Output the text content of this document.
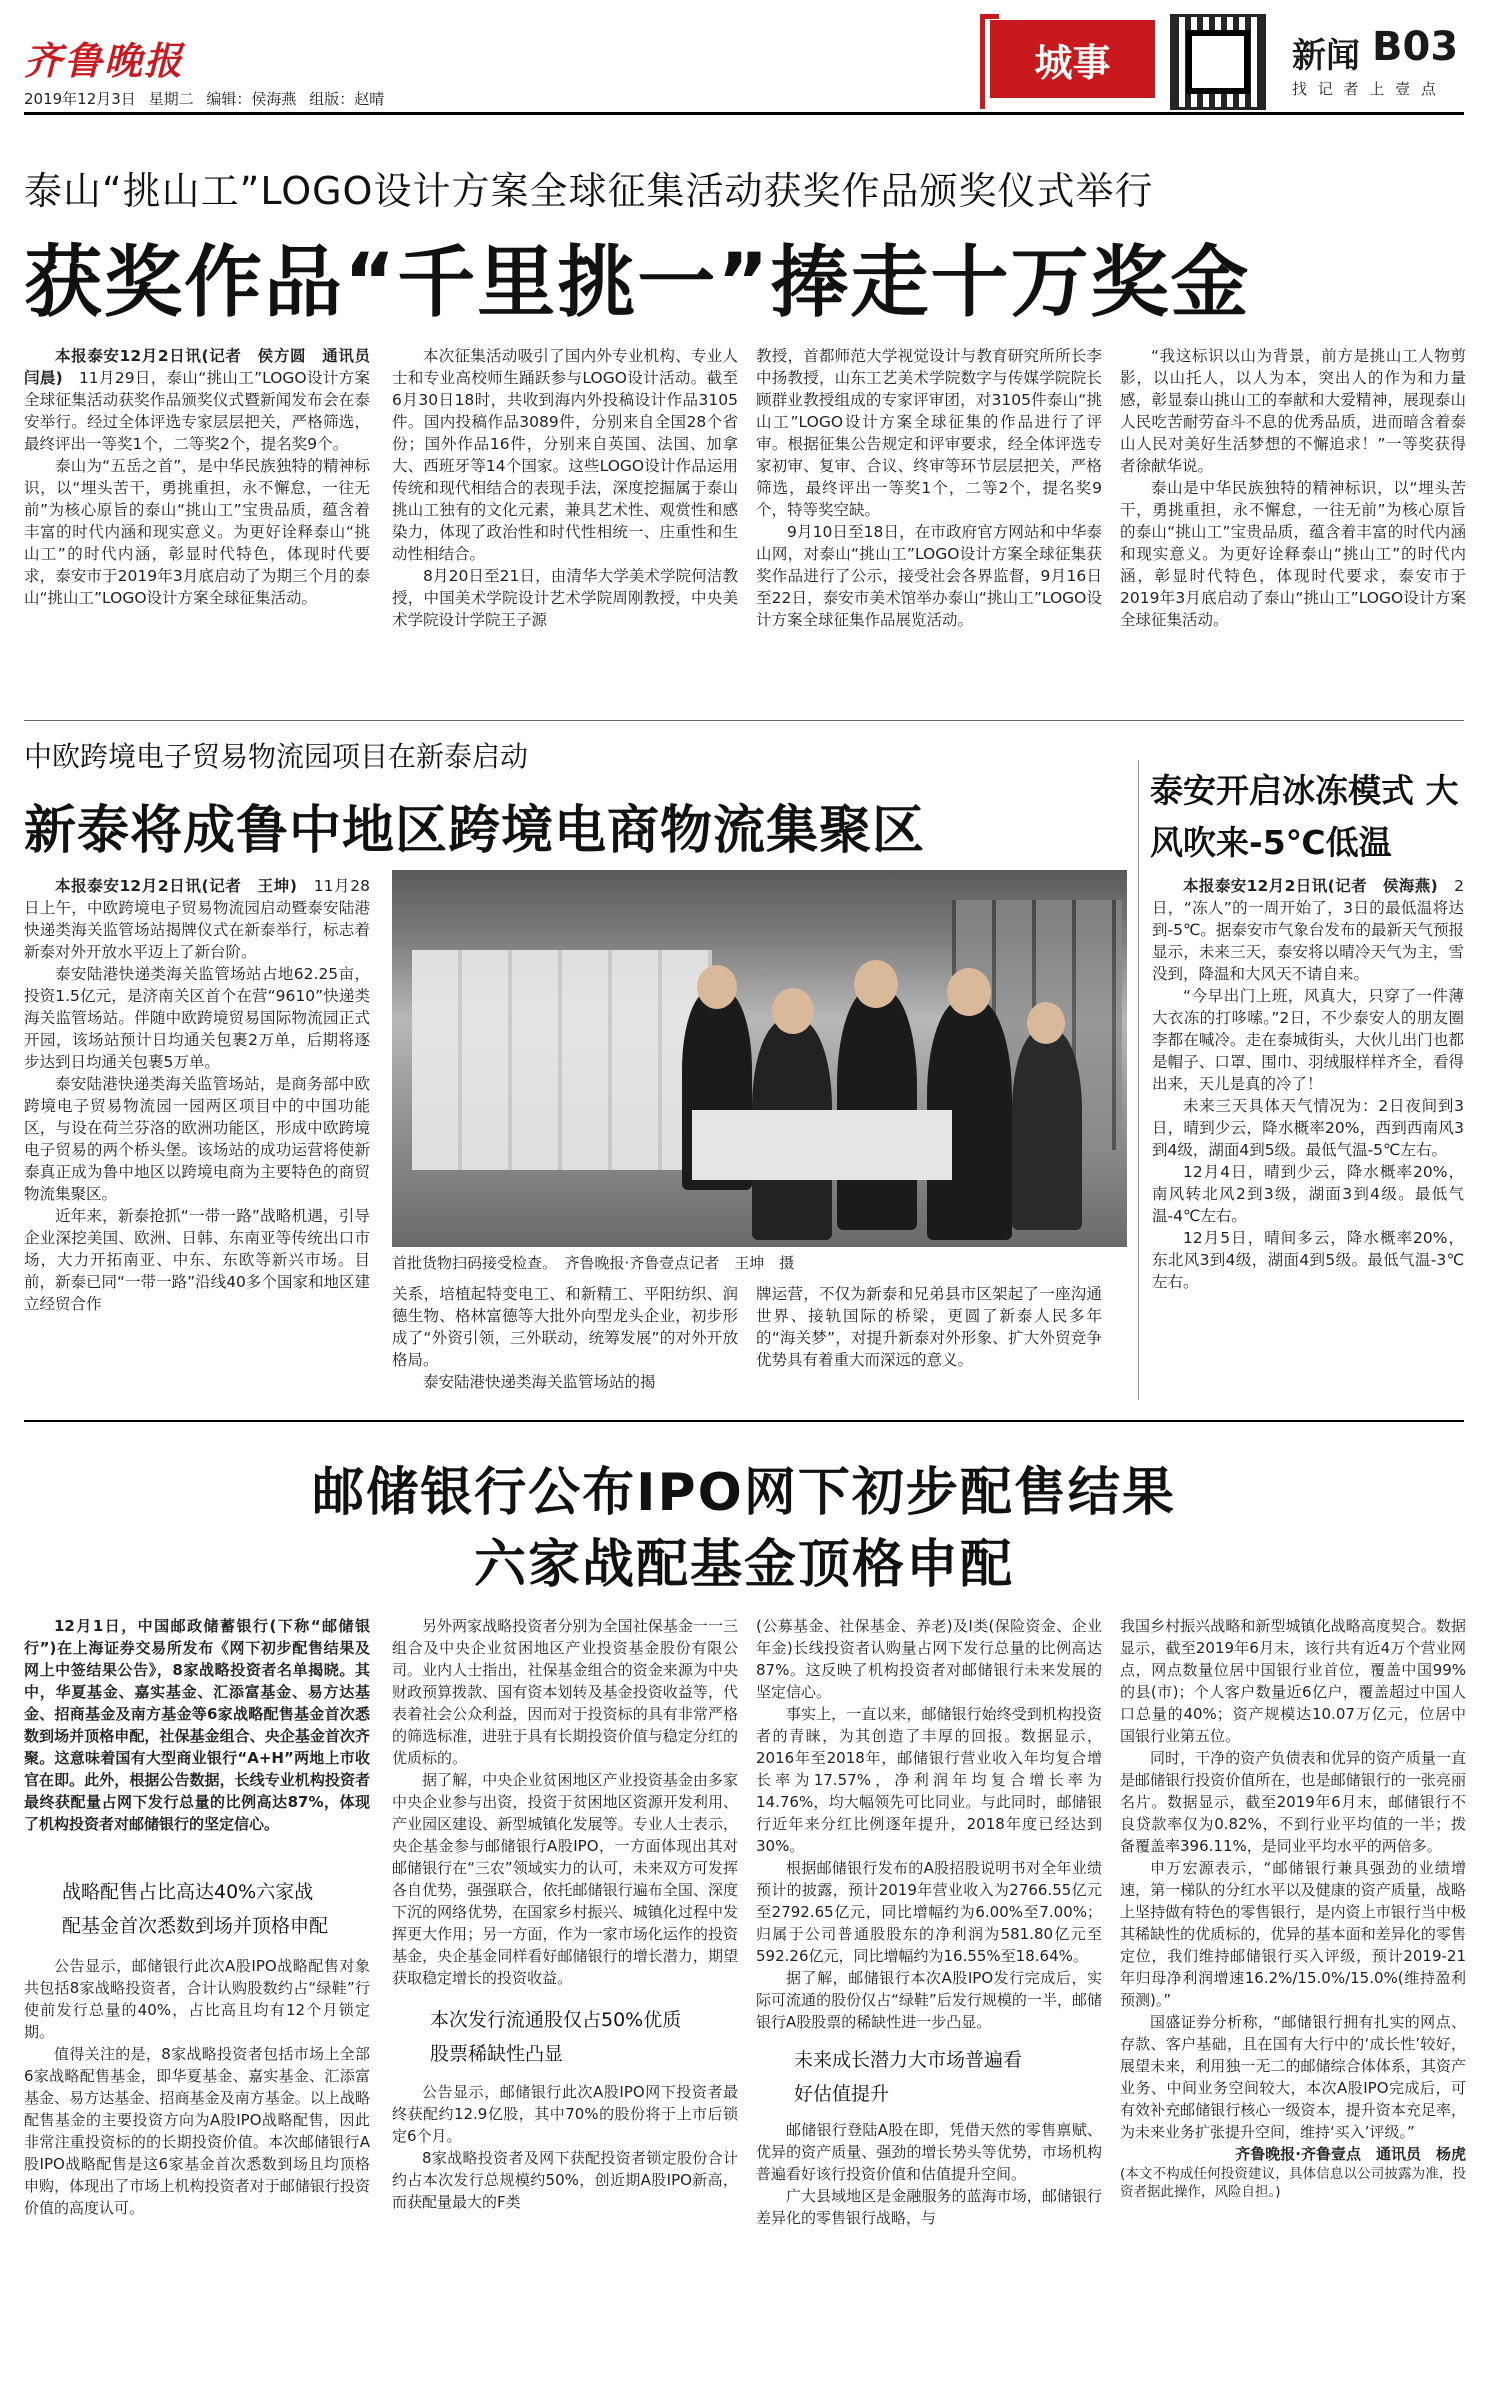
齐鲁晚报
2019年12月3日 星期二 编辑：侯海燕 组版：赵晴
城事	新闻 B03
找 记 者 上 壹 点
泰山“挑山工”LOGO设计方案全球征集活动获奖作品颁奖仪式举行
获奖作品“千里挑一”捧走十万奖金

本报泰安12月2日讯(记者　侯方圆　通讯员　闫晨)　 11月29日，泰山“挑山工”LOGO设计方案全球征集活动获奖作品颁奖仪式暨新闻发布会在泰安举行。经过全体评选专家层层把关，严格筛选，最终评出一等奖1个，二等奖2个，提名奖9个。

泰山为“五岳之首”，是中华民族独特的精神标识，以“埋头苦干，勇挑重担，永不懈怠，一往无前”为核心原旨的泰山“挑山工”宝贵品质，蕴含着丰富的时代内涵和现实意义。为更好诠释泰山“挑山工”的时代内涵，彰显时代特色，体现时代要求，泰安市于2019年3月底启动了为期三个月的泰山“挑山工”LOGO设计方案全球征集活动。

本次征集活动吸引了国内外专业机构、专业人士和专业高校师生踊跃参与LOGO设计活动。截至6月30日18时，共收到海内外投稿设计作品3105件。国内投稿作品3089件，分别来自全国28个省份；国外作品16件，分别来自英国、法国、加拿大、西班牙等14个国家。这些LOGO设计作品运用传统和现代相结合的表现手法，深度挖掘属于泰山挑山工独有的文化元素，兼具艺术性、观赏性和感染力，体现了政治性和时代性相统一、庄重性和生动性相结合。

8月20日至21日，由清华大学美术学院何洁教授，中国美术学院设计艺术学院周刚教授，中央美术学院设计学院王子源

教授，首都师范大学视觉设计与教育研究所所长李中扬教授，山东工艺美术学院数字与传媒学院院长顾群业教授组成的专家评审团，对3105件泰山“挑山工”LOGO设计方案全球征集的作品进行了评审。根据征集公告规定和评审要求，经全体评选专家初审、复审、合议、终审等环节层层把关，严格筛选，最终评出一等奖1个，二等2个，提名奖9个，特等奖空缺。

9月10日至18日，在市政府官方网站和中华泰山网，对泰山“挑山工”LOGO设计方案全球征集获奖作品进行了公示，接受社会各界监督，9月16日至22日，泰安市美术馆举办泰山“挑山工”LOGO设计方案全球征集作品展览活动。

“我这标识以山为背景，前方是挑山工人物剪影，以山托人，以人为本，突出人的作为和力量感，彰显泰山挑山工的奉献和大爱精神，展现泰山人民吃苦耐劳奋斗不息的优秀品质，进而暗含着泰山人民对美好生活梦想的不懈追求！”一等奖获得者徐献华说。

泰山是中华民族独特的精神标识，以“埋头苦干，勇挑重担，永不懈怠，一往无前”为核心原旨的泰山“挑山工”宝贵品质，蕴含着丰富的时代内涵和现实意义。为更好诠释泰山“挑山工”的时代内涵，彰显时代特色，体现时代要求，泰安市于2019年3月底启动了泰山“挑山工”LOGO设计方案全球征集活动。

中欧跨境电子贸易物流园项目在新泰启动
新泰将成鲁中地区跨境电商物流集聚区

本报泰安12月2日讯(记者　王坤)　 11月28日上午，中欧跨境电子贸易物流园启动暨泰安陆港快递类海关监管场站揭牌仪式在新泰举行，标志着新泰对外开放水平迈上了新台阶。

泰安陆港快递类海关监管场站占地62.25亩，投资1.5亿元，是济南关区首个在营“9610”快递类海关监管场站。伴随中欧跨境贸易国际物流园正式开园，该场站预计日均通关包裹2万单，后期将逐步达到日均通关包裹5万单。

泰安陆港快递类海关监管场站，是商务部中欧跨境电子贸易物流园一园两区项目中的中国功能区，与设在荷兰芬洛的欧洲功能区，形成中欧跨境电子贸易的两个桥头堡。该场站的成功运营将使新泰真正成为鲁中地区以跨境电商为主要特色的商贸物流集聚区。

近年来，新泰抢抓“一带一路”战略机遇，引导企业深挖美国、欧洲、日韩、东南亚等传统出口市场，大力开拓南亚、中东、东欧等新兴市场。目前，新泰已同“一带一路”沿线40多个国家和地区建立经贸合作

首批货物扫码接受检查。　齐鲁晚报·齐鲁壹点记者　王坤　摄

关系，培植起特变电工、和新精工、平阳纺织、润德生物、格林富德等大批外向型龙头企业，初步形成了“外资引领，三外联动，统筹发展”的对外开放格局。

泰安陆港快递类海关监管场站的揭

牌运营，不仅为新泰和兄弟县市区架起了一座沟通世界、接轨国际的桥梁，更圆了新泰人民多年的“海关梦”，对提升新泰对外形象、扩大外贸竞争优势具有着重大而深远的意义。

泰安开启冰冻模式 大风吹来-5℃低温

本报泰安12月2日讯(记者　侯海燕)　 2日，“冻人”的一周开始了，3日的最低温将达到-5℃。据泰安市气象台发布的最新天气预报显示，未来三天，泰安将以晴冷天气为主，雪没到，降温和大风天不请自来。

“今早出门上班，风真大，只穿了一件薄大衣冻的打哆嗦。”2日，不少泰安人的朋友圈李都在喊冷。走在泰城街头，大伙儿出门也都是帽子、口罩、围巾、羽绒服样样齐全，看得出来，天儿是真的冷了！

未来三天具体天气情况为：2日夜间到3日，晴到少云，降水概率20%，西到西南风3到4级，湖面4到5级。最低气温-5℃左右。

12月4日，晴到少云，降水概率20%，南风转北风2到3级，湖面3到4级。最低气温-4℃左右。

12月5日，晴间多云，降水概率20%，东北风3到4级，湖面4到5级。最低气温-3℃左右。

邮储银行公布IPO网下初步配售结果
六家战配基金顶格申配

12月1日，中国邮政储蓄银行(下称“邮储银行”)在上海证券交易所发布《网下初步配售结果及网上中签结果公告》，8家战略投资者名单揭晓。其中，华夏基金、嘉实基金、汇添富基金、易方达基金、招商基金及南方基金等6家战略配售基金首次悉数到场并顶格申配，社保基金组合、央企基金首次齐聚。这意味着国有大型商业银行“A+H”两地上市收官在即。此外，根据公告数据，长线专业机构投资者最终获配量占网下发行总量的比例高达87%，体现了机构投资者对邮储银行的坚定信心。

战略配售占比高达40%六家战
配基金首次悉数到场并顶格申配

公告显示，邮储银行此次A股IPO战略配售对象共包括8家战略投资者，合计认购股数约占“绿鞋”行使前发行总量的40%，占比高且均有12个月锁定期。

值得关注的是，8家战略投资者包括市场上全部6家战略配售基金，即华夏基金、嘉实基金、汇添富基金、易方达基金、招商基金及南方基金。以上战略配售基金的主要投资方向为A股IPO战略配售，因此非常注重投资标的的长期投资价值。本次邮储银行A股IPO战略配售是这6家基金首次悉数到场且均顶格申购，体现出了市场上机构投资者对于邮储银行投资价值的高度认可。

另外两家战略投资者分别为全国社保基金一一三组合及中央企业贫困地区产业投资基金股份有限公司。业内人士指出，社保基金组合的资金来源为中央财政预算拨款、国有资本划转及基金投资收益等，代表着社会公众利益，因而对于投资标的具有非常严格的筛选标准，进驻于具有长期投资价值与稳定分红的优质标的。

据了解，中央企业贫困地区产业投资基金由多家中央企业参与出资，投资于贫困地区资源开发利用、产业园区建设、新型城镇化发展等。专业人士表示，央企基金参与邮储银行A股IPO，一方面体现出其对邮储银行在“三农”领域实力的认可，未来双方可发挥各自优势，强强联合，依托邮储银行遍布全国、深度下沉的网络优势，在国家乡村振兴、城镇化过程中发挥更大作用；另一方面，作为一家市场化运作的投资基金，央企基金同样看好邮储银行的增长潜力，期望获取稳定增长的投资收益。

本次发行流通股仅占50%优质
股票稀缺性凸显

公告显示，邮储银行此次A股IPO网下投资者最终获配约12.9亿股，其中70%的股份将于上市后锁定6个月。

8家战略投资者及网下获配投资者锁定股份合计约占本次发行总规模约50%，创近期A股IPO新高，而获配量最大的F类

(公募基金、社保基金、养老)及I类(保险资金、企业年金)长线投资者认购量占网下发行总量的比例高达87%。这反映了机构投资者对邮储银行未来发展的坚定信心。

事实上，一直以来，邮储银行始终受到机构投资者的青睐，为其创造了丰厚的回报。数据显示，2016年至2018年，邮储银行营业收入年均复合增长率为17.57%，净利润年均复合增长率为14.76%，均大幅领先可比同业。与此同时，邮储银行近年来分红比例逐年提升，2018年度已经达到30%。

根据邮储银行发布的A股招股说明书对全年业绩预计的披露，预计2019年营业收入为2766.55亿元至2792.65亿元，同比增幅约为6.00%至7.00%；归属于公司普通股股东的净利润为581.80亿元至592.26亿元，同比增幅约为16.55%至18.64%。

据了解，邮储银行本次A股IPO发行完成后，实际可流通的股份仅占“绿鞋”后发行规模的一半，邮储银行A股股票的稀缺性进一步凸显。

未来成长潜力大市场普遍看
好估值提升

邮储银行登陆A股在即，凭借天然的零售禀赋、优异的资产质量、强劲的增长势头等优势，市场机构普遍看好该行投资价值和估值提升空间。

广大县域地区是金融服务的蓝海市场，邮储银行差异化的零售银行战略，与

我国乡村振兴战略和新型城镇化战略高度契合。数据显示，截至2019年6月末，该行共有近4万个营业网点，网点数量位居中国银行业首位，覆盖中国99%的县(市)；个人客户数量近6亿户，覆盖超过中国人口总量的40%；资产规模达10.07万亿元，位居中国银行业第五位。

同时，干净的资产负债表和优异的资产质量一直是邮储银行投资价值所在，也是邮储银行的一张亮丽名片。数据显示，截至2019年6月末，邮储银行不良贷款率仅为0.82%，不到行业平均值的一半；拨备覆盖率396.11%，是同业平均水平的两倍多。

申万宏源表示，“邮储银行兼具强劲的业绩增速，第一梯队的分红水平以及健康的资产质量，战略上坚持做有特色的零售银行，是内资上市银行当中极其稀缺性的优质标的，优异的基本面和差异化的零售定位，我们维持邮储银行买入评级，预计2019-21年归母净利润增速16.2%/15.0%/15.0%(维持盈利预测)。”

国盛证券分析称，“邮储银行拥有扎实的网点、存款、客户基础，且在国有大行中的‘成长性’较好，展望未来，利用独一无二的邮储综合体体系，其资产业务、中间业务空间较大，本次A股IPO完成后，可有效补充邮储银行核心一级资本，提升资本充足率，为未来业务扩张提升空间，维持‘买入’评级。”

齐鲁晚报·齐鲁壹点　通讯员　杨虎

(本文不构成任何投资建议，具体信息以公司披露为准，投资者据此操作，风险自担。)
